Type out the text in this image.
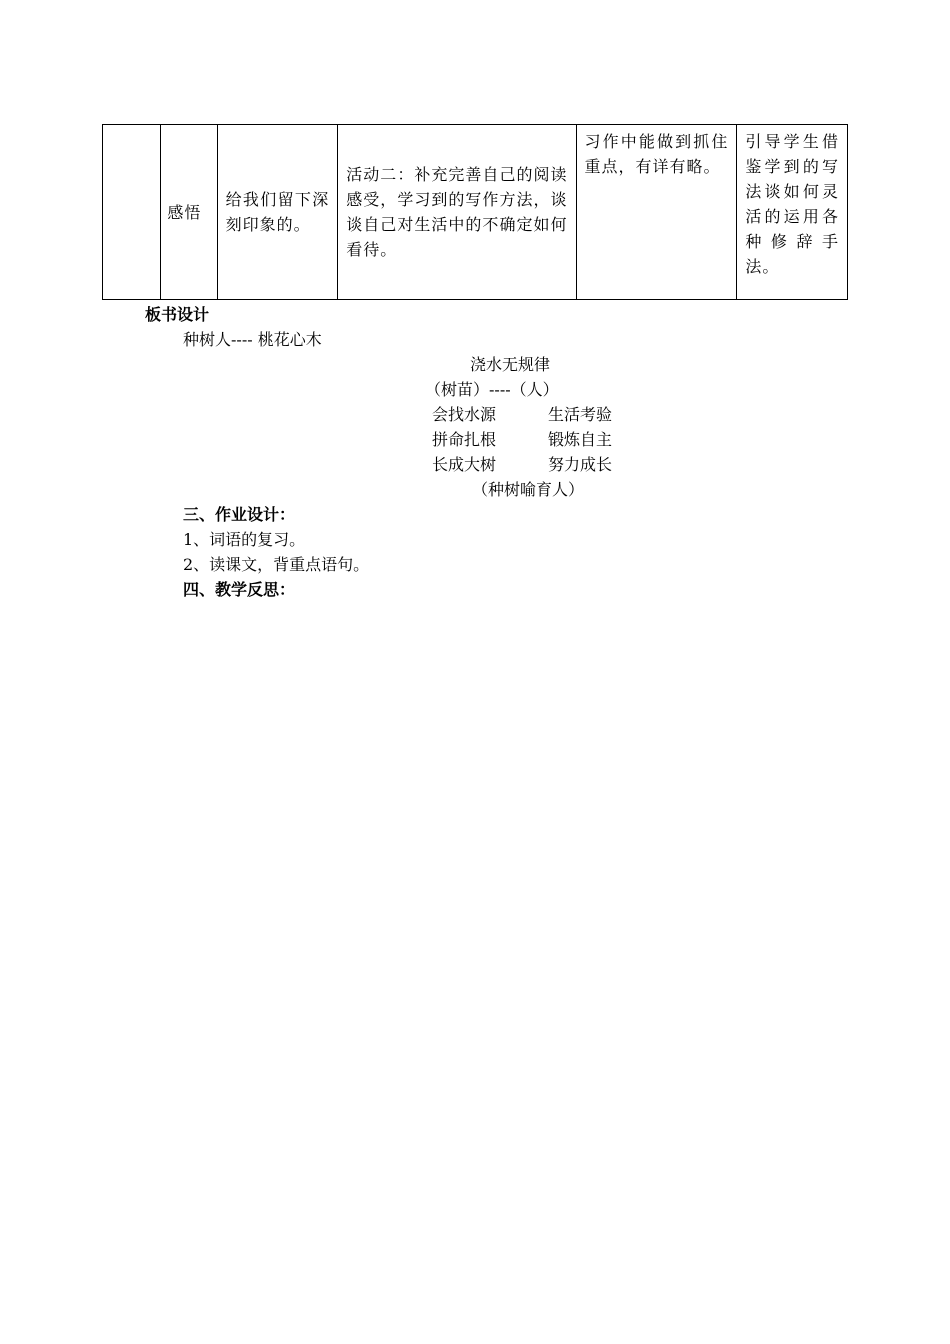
	感悟	给我们留下深刻印象的。	活动二：补充完善自己的阅读感受，学习到的写作方法，谈谈自己对生活中的不确定如何看待。	习作中能做到抓住重点，有详有略。	引导学生借鉴学到的写法谈如何灵活的运用各种修辞手法。
板书设计
种树人---- 桃花心木
浇水无规律
（树苗）----（人）
会找水源	生活考验
拼命扎根	锻炼自主
长成大树	努力成长
（种树喻育人）
三、作业设计：
1、词语的复习。
2、读课文，背重点语句。
四、教学反思：
